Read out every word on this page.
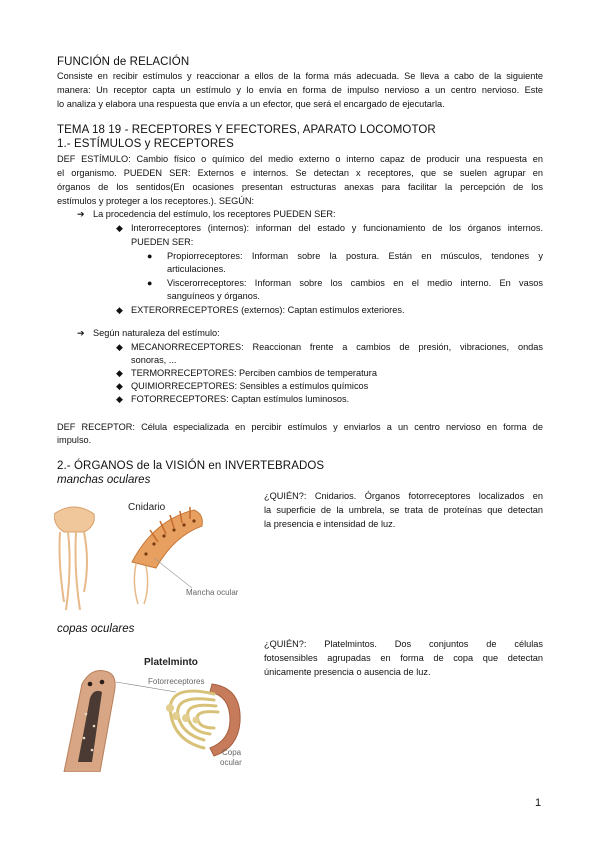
FUNCIÓN de RELACIÓN
Consiste en recibir estímulos y reaccionar a ellos de la forma más adecuada. Se lleva a cabo de la siguiente
manera: Un receptor capta un estímulo y lo envía en forma de impulso nervioso a un centro nervioso. Este
lo analiza y elabora una respuesta que envía a un efector, que será el encargado de ejecutarla.
TEMA 18 19 - RECEPTORES Y EFECTORES, APARATO LOCOMOTOR
1.- ESTÍMULOS y RECEPTORES
DEF ESTÍMULO: Cambio físico o químico del medio externo o interno capaz de producir una respuesta en
el organismo. PUEDEN SER: Externos e internos. Se detectan x receptores, que se suelen agrupar en
órganos de los sentidos(En ocasiones presentan estructuras anexas para facilitar la percepción de los
estímulos y proteger a los receptores.). SEGÚN:
➔ La procedencia del estímulo, los receptores PUEDEN SER:
◆ Interorreceptores (internos): informan del estado y funcionamiento de los órganos internos.
PUEDEN SER:
● Propiorreceptores: Informan sobre la postura. Están en músculos, tendones y
articulaciones.
● Viscerorreceptores: Informan sobre los cambios en el medio interno. En vasos
sanguíneos y órganos.
◆ EXTERORRECEPTORES (externos): Captan estímulos exteriores.
➔ Según naturaleza del estímulo:
◆ MECANORRECEPTORES: Reaccionan frente a cambios de presión, vibraciones, ondas
sonoras, ...
◆ TERMORRECEPTORES: Perciben cambios de temperatura
◆ QUIMIORRECEPTORES: Sensibles a estímulos químicos
◆ FOTORRECEPTORES: Captan estímulos luminosos.
DEF RECEPTOR: Célula especializada en percibir estímulos y enviarlos a un centro nervioso en forma de
impulso.
2.- ÓRGANOS de la VISIÓN en INVERTEBRADOS
manchas oculares
Cnidario
Mancha ocular
¿QUIÉN?: Cnidarios. Órganos fotorreceptores localizados en
la superficie de la umbrela, se trata de proteínas que detectan
la presencia e intensidad de luz.
copas oculares
Platelminto
Fotorreceptores
Copa
ocular
¿QUIÉN?: Platelmintos. Dos conjuntos de células
fotosensibles agrupadas en forma de copa que detectan
únicamente presencia o ausencia de luz.
1
